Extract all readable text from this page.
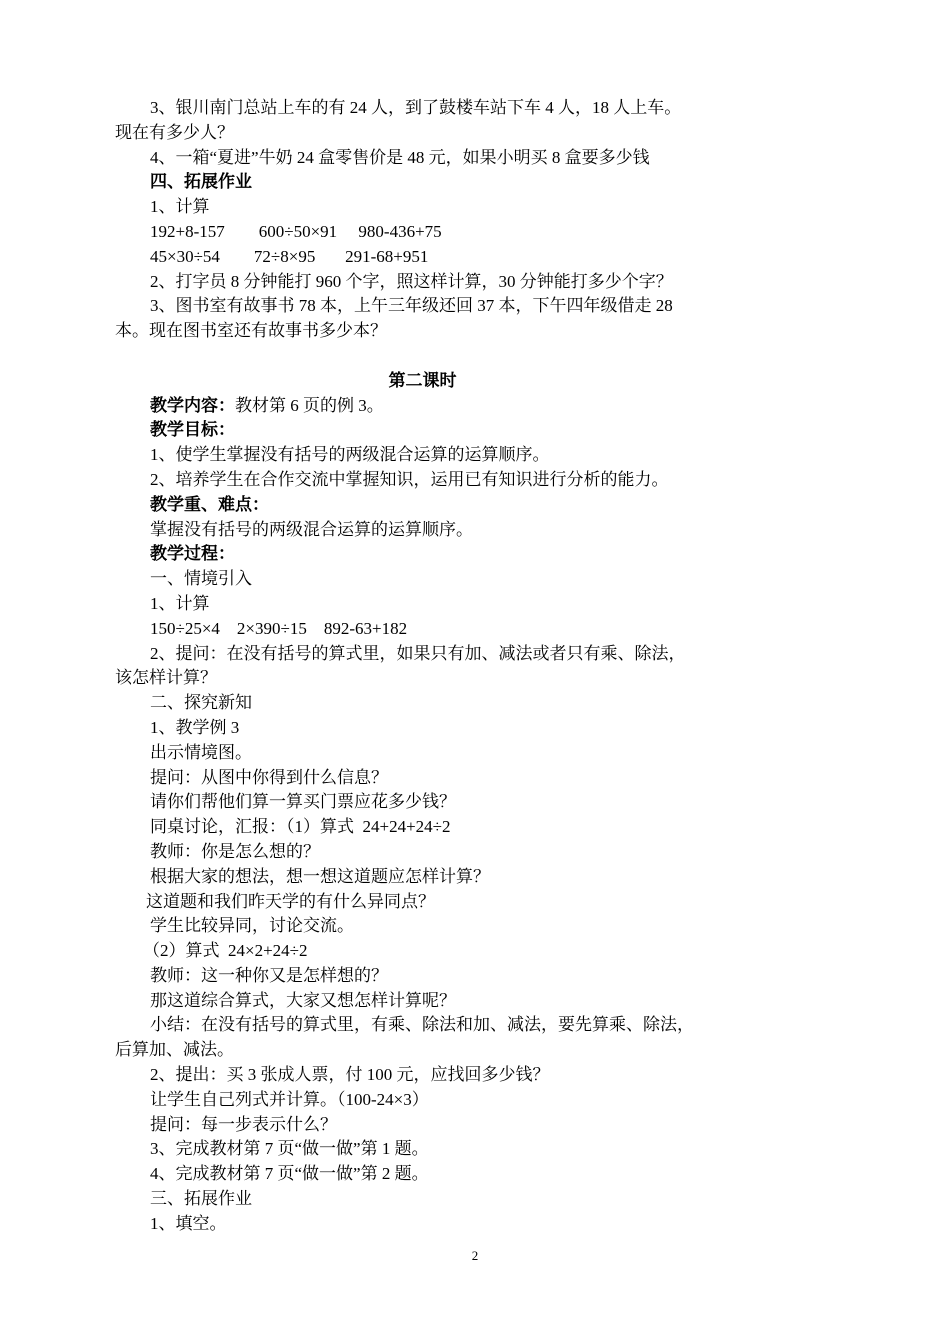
3、银川南门总站上车的有 24 人，到了鼓楼车站下车 4 人，18 人上车。
现在有多少人？
4、一箱“夏进”牛奶 24 盒零售价是 48 元，如果小明买 8 盒要多少钱
四、拓展作业
1、计算
192+8-157        600÷50×91     980-436+75
45×30÷54        72÷8×95       291-68+951
2、打字员 8 分钟能打 960 个字，照这样计算，30 分钟能打多少个字？
3、图书室有故事书 78 本，上午三年级还回 37 本，下午四年级借走 28
本。现在图书室还有故事书多少本？
第二课时
教学内容：教材第 6 页的例 3。
教学目标：
1、使学生掌握没有括号的两级混合运算的运算顺序。
2、培养学生在合作交流中掌握知识，运用已有知识进行分析的能力。
教学重、难点：
掌握没有括号的两级混合运算的运算顺序。
教学过程：
一、情境引入
1、计算
150÷25×4    2×390÷15    892-63+182
2、提问：在没有括号的算式里，如果只有加、减法或者只有乘、除法，
该怎样计算？
二、探究新知
1、教学例 3
出示情境图。
提问：从图中你得到什么信息？
请你们帮他们算一算买门票应花多少钱？
同桌讨论，汇报：（1）算式  24+24+24÷2
教师：你是怎么想的？
根据大家的想法，想一想这道题应怎样计算？
这道题和我们昨天学的有什么异同点？
学生比较异同，讨论交流。
（2）算式  24×2+24÷2
教师：这一种你又是怎样想的？
那这道综合算式，大家又想怎样计算呢？
小结：在没有括号的算式里，有乘、除法和加、减法，要先算乘、除法，
后算加、减法。
2、提出：买 3 张成人票，付 100 元，应找回多少钱？
让学生自己列式并计算。（100-24×3）
提问：每一步表示什么？
3、完成教材第 7 页“做一做”第 1 题。
4、完成教材第 7 页“做一做”第 2 题。
三、拓展作业
1、填空。
2
